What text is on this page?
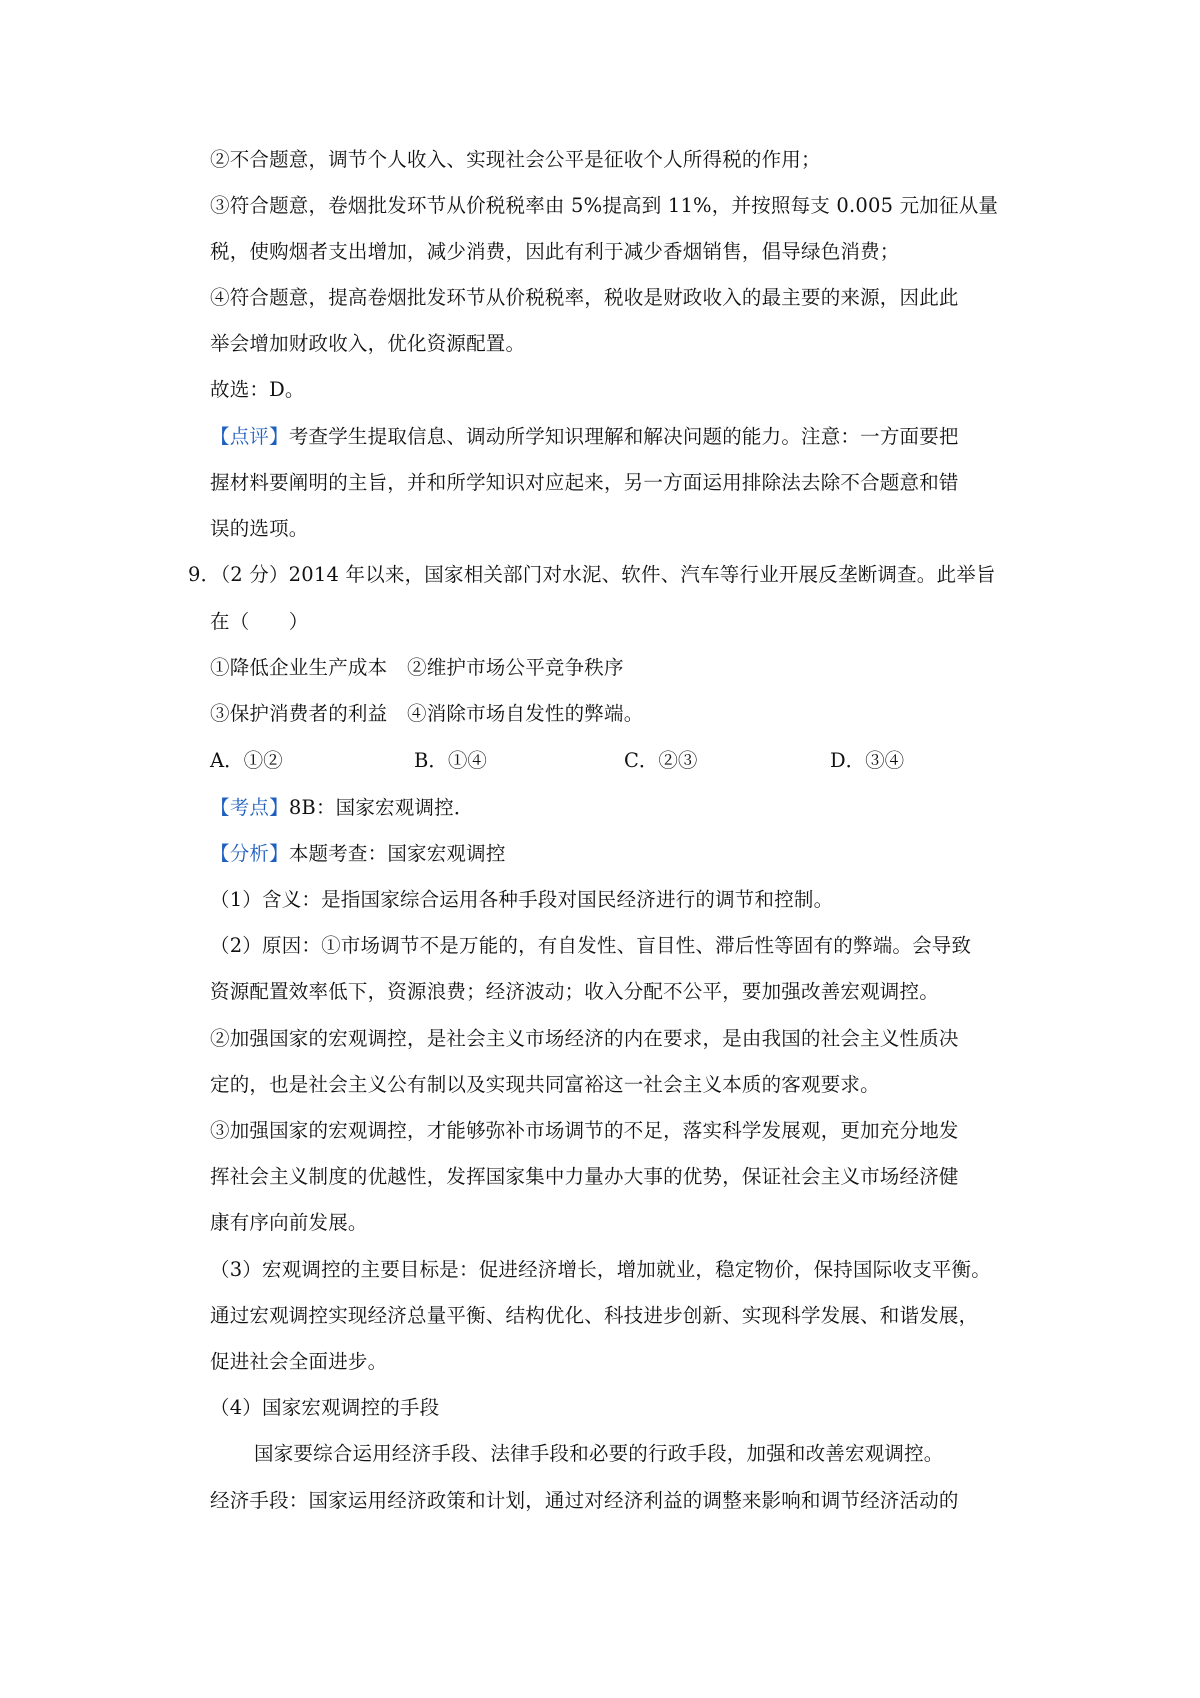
②不合题意，调节个人收入、实现社会公平是征收个人所得税的作用；
③符合题意，卷烟批发环节从价税税率由 5%提高到 11%，并按照每支 0.005 元加征从量
税，使购烟者支出增加，减少消费，因此有利于减少香烟销售，倡导绿色消费；
④符合题意，提高卷烟批发环节从价税税率，税收是财政收入的最主要的来源，因此此
举会增加财政收入，优化资源配置。
故选：D。
【点评】考查学生提取信息、调动所学知识理解和解决问题的能力。注意：一方面要把
握材料要阐明的主旨，并和所学知识对应起来，另一方面运用排除法去除不合题意和错
误的选项。
9．（2 分）2014 年以来，国家相关部门对水泥、软件、汽车等行业开展反垄断调查。此举旨
在（　　）
①降低企业生产成本　②维护市场公平竞争秩序
③保护消费者的利益　④消除市场自发性的弊端。
A．①②	B．①④	C．②③	D．③④
【考点】8B：国家宏观调控．
【分析】本题考查：国家宏观调控
（1）含义：是指国家综合运用各种手段对国民经济进行的调节和控制。
（2）原因：①市场调节不是万能的，有自发性、盲目性、滞后性等固有的弊端。会导致
资源配置效率低下，资源浪费；经济波动；收入分配不公平，要加强改善宏观调控。
②加强国家的宏观调控，是社会主义市场经济的内在要求，是由我国的社会主义性质决
定的，也是社会主义公有制以及实现共同富裕这一社会主义本质的客观要求。
③加强国家的宏观调控，才能够弥补市场调节的不足，落实科学发展观，更加充分地发
挥社会主义制度的优越性，发挥国家集中力量办大事的优势，保证社会主义市场经济健
康有序向前发展。
（3）宏观调控的主要目标是：促进经济增长，增加就业，稳定物价，保持国际收支平衡。
通过宏观调控实现经济总量平衡、结构优化、科技进步创新、实现科学发展、和谐发展，
促进社会全面进步。
（4）国家宏观调控的手段
国家要综合运用经济手段、法律手段和必要的行政手段，加强和改善宏观调控。
经济手段：国家运用经济政策和计划，通过对经济利益的调整来影响和调节经济活动的
